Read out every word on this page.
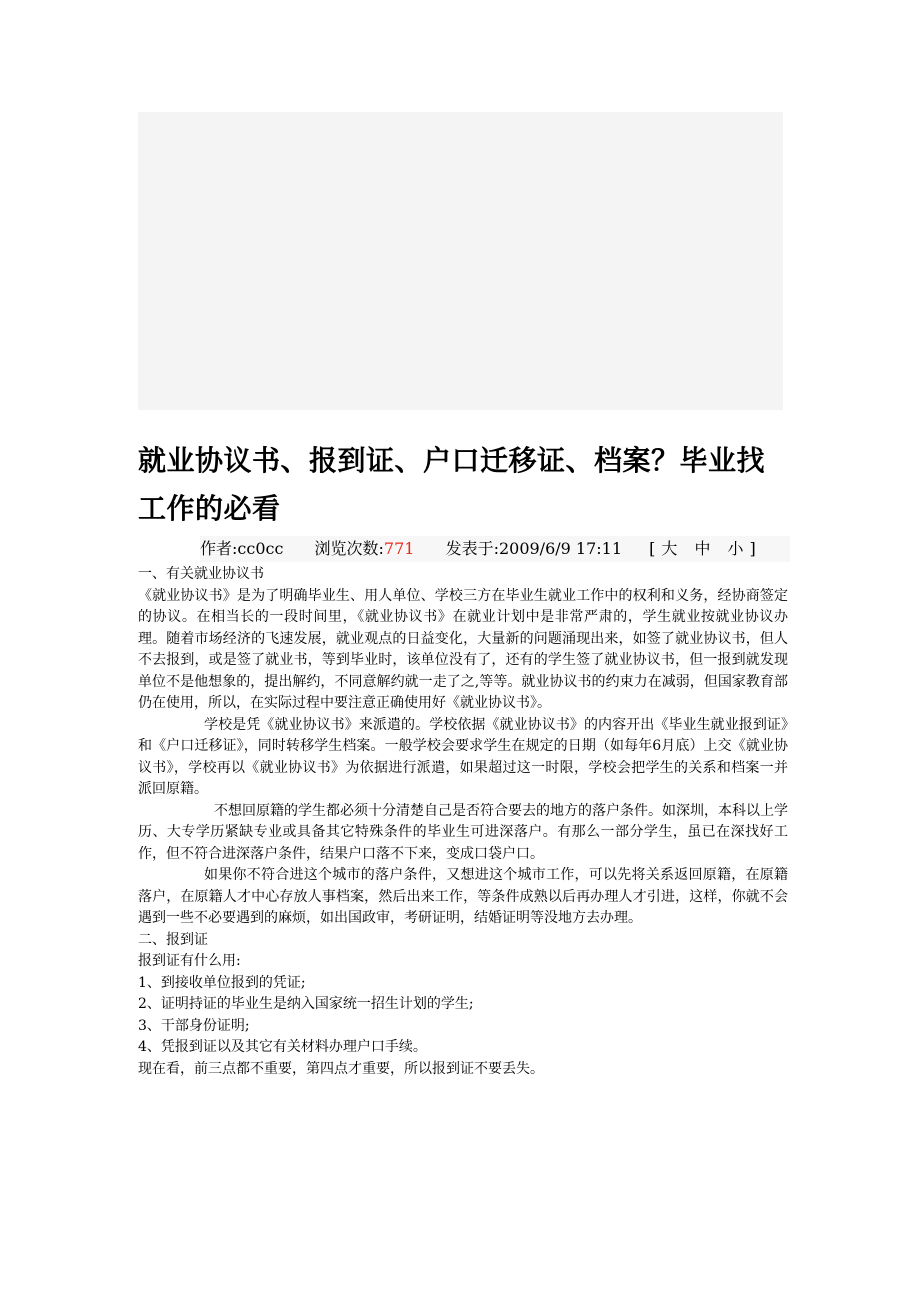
就业协议书、报到证、户口迁移证、档案？毕业找工作的必看
作者:cc0cc 浏览次数:771 发表于:2009/6/9 17:11 [大 中 小]

一、有关就业协议书

《就业协议书》是为了明确毕业生、用人单位、学校三方在毕业生就业工作中的权利和义务，经协商签定的协议。在相当长的一段时间里，《就业协议书》在就业计划中是非常严肃的，学生就业按就业协议办理。随着市场经济的飞速发展，就业观点的日益变化，大量新的问题涌现出来，如签了就业协议书，但人不去报到，或是签了就业书，等到毕业时，该单位没有了，还有的学生签了就业协议书，但一报到就发现单位不是他想象的，提出解约，不同意解约就一走了之,等等。就业协议书的约束力在减弱，但国家教育部仍在使用，所以，在实际过程中要注意正确使用好《就业协议书》。

学校是凭《就业协议书》来派遣的。学校依据《就业协议书》的内容开出《毕业生就业报到证》和《户口迁移证》，同时转移学生档案。一般学校会要求学生在规定的日期（如每年6月底）上交《就业协议书》，学校再以《就业协议书》为依据进行派遣，如果超过这一时限，学校会把学生的关系和档案一并派回原籍。

不想回原籍的学生都必须十分清楚自己是否符合要去的地方的落户条件。如深圳，本科以上学历、大专学历紧缺专业或具备其它特殊条件的毕业生可进深落户。有那么一部分学生，虽已在深找好工作，但不符合进深落户条件，结果户口落不下来，变成口袋户口。

如果你不符合进这个城市的落户条件，又想进这个城市工作，可以先将关系返回原籍，在原籍落户，在原籍人才中心存放人事档案，然后出来工作，等条件成熟以后再办理人才引进，这样，你就不会遇到一些不必要遇到的麻烦，如出国政审，考研证明，结婚证明等没地方去办理。

二、报到证

报到证有什么用:

1、到接收单位报到的凭证;

2、证明持证的毕业生是纳入国家统一招生计划的学生;

3、干部身份证明;

4、凭报到证以及其它有关材料办理户口手续。

现在看，前三点都不重要，第四点才重要，所以报到证不要丢失。
